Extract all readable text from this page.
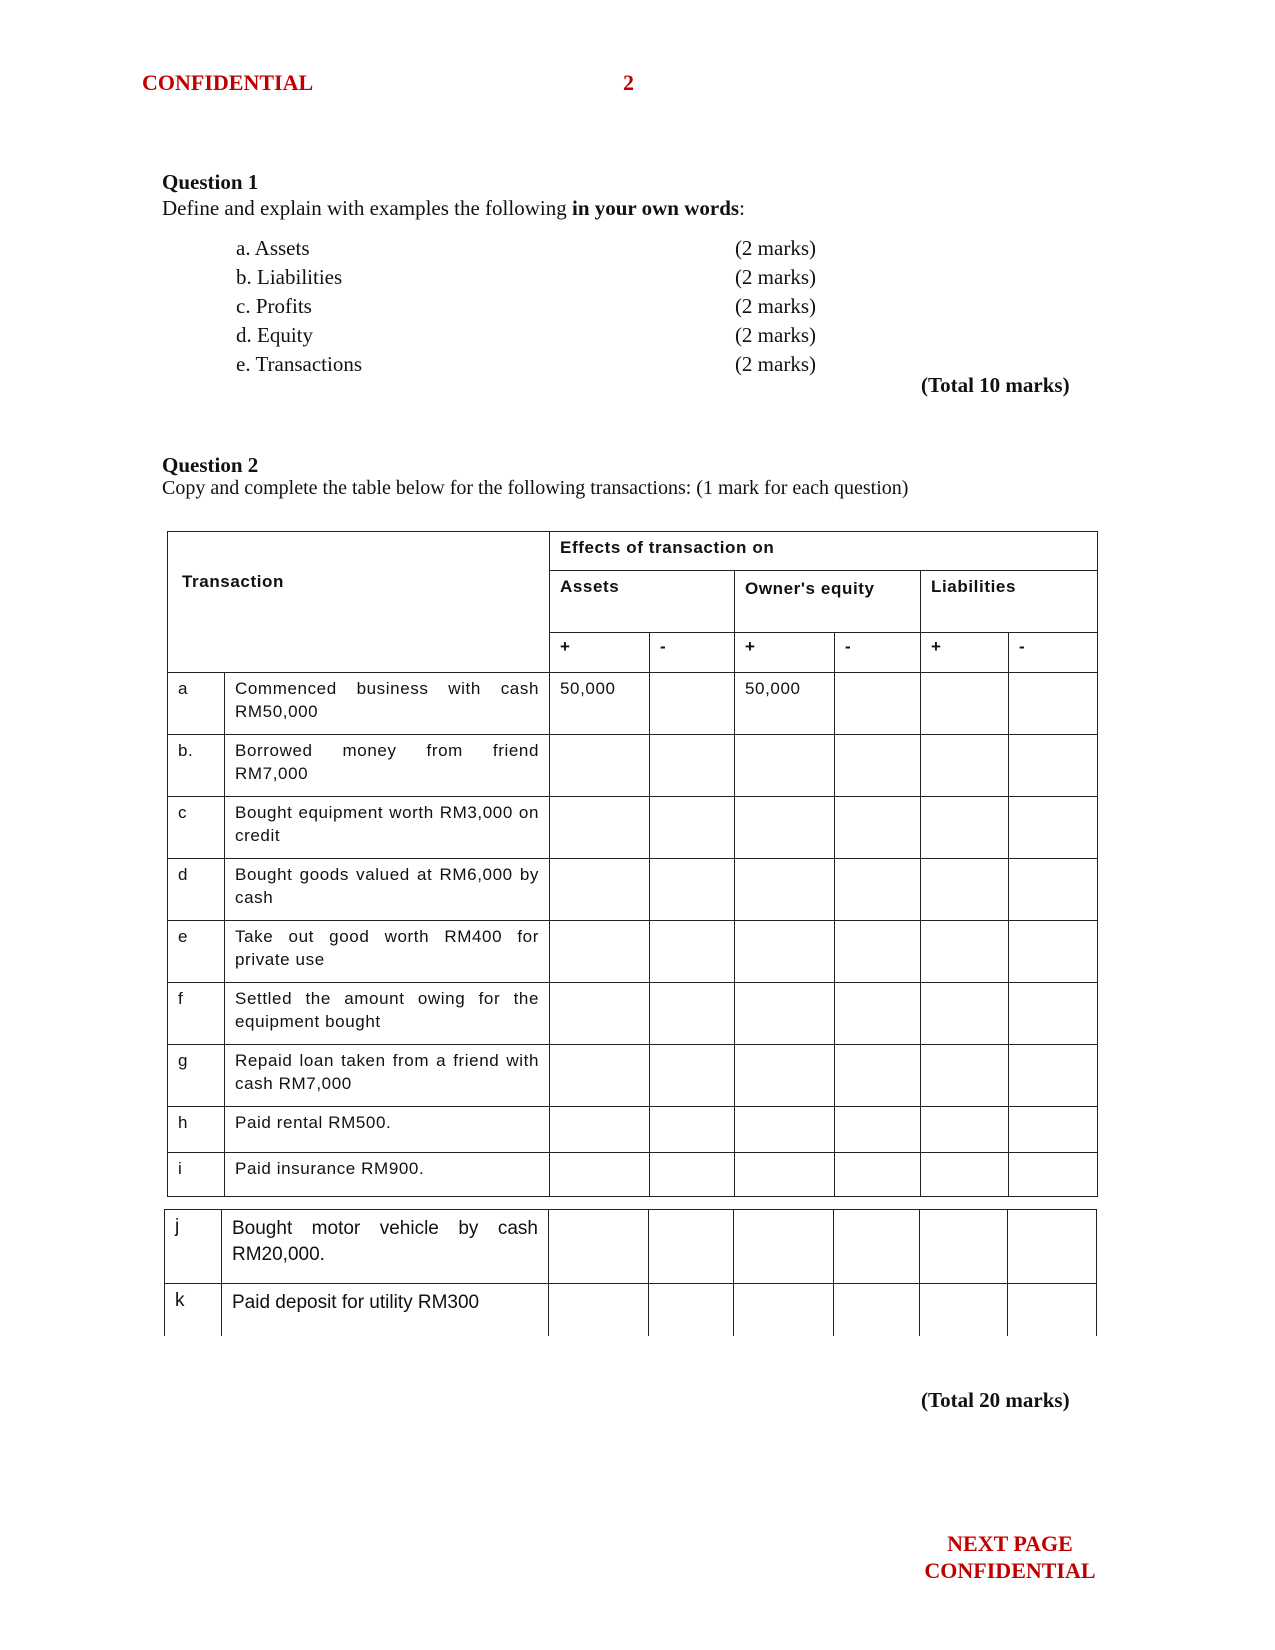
CONFIDENTIAL	2
Question 1
Define and explain with examples the following in your own words:
a. Assets	(2 marks)
b. Liabilities	(2 marks)
c. Profits	(2 marks)
d. Equity	(2 marks)
e. Transactions	(2 marks)
(Total 10 marks)
Question 2
Copy and complete the table below for the following transactions: (1 mark for each question)
Transaction		Effects of transaction on					
		Assets		Owner's equity		Liabilities	
		+	-	+	-	+	-
a	Commenced business with cash RM50,000	50,000		50,000			
b.	Borrowed money from friend RM7,000						
c	Bought equipment worth RM3,000 on credit						
d	Bought goods valued at RM6,000 by cash						
e	Take out good worth RM400 for private use						
f	Settled the amount owing for the equipment bought						
g	Repaid loan taken from a friend with cash RM7,000						
h	Paid rental RM500.						
i	Paid insurance RM900.						
j	Bought motor vehicle by cash RM20,000.						
k	Paid deposit for utility RM300						
(Total 20 marks)
NEXT PAGE
CONFIDENTIAL
